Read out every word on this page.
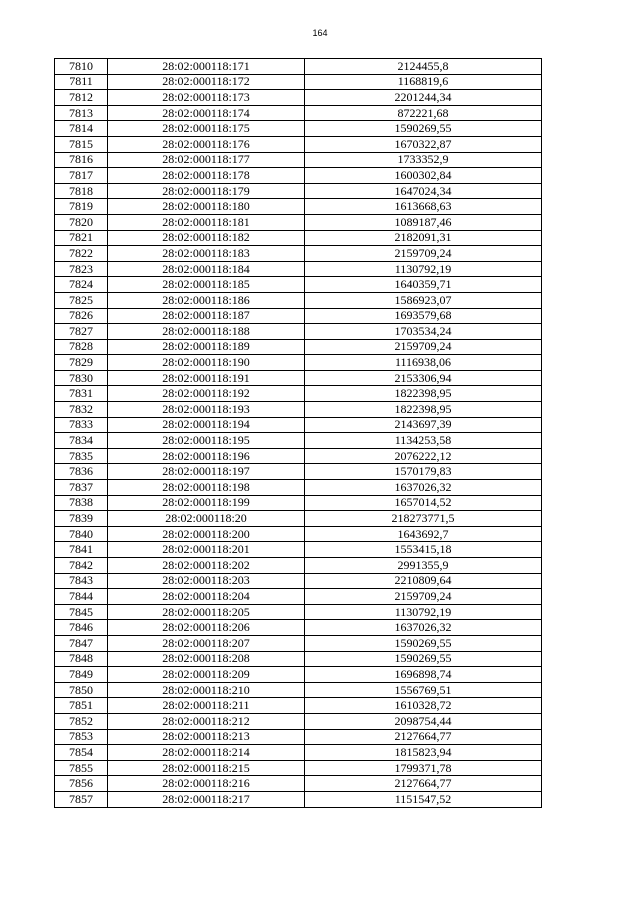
164
7810	28:02:000118:171	2124455,8
7811	28:02:000118:172	1168819,6
7812	28:02:000118:173	2201244,34
7813	28:02:000118:174	872221,68
7814	28:02:000118:175	1590269,55
7815	28:02:000118:176	1670322,87
7816	28:02:000118:177	1733352,9
7817	28:02:000118:178	1600302,84
7818	28:02:000118:179	1647024,34
7819	28:02:000118:180	1613668,63
7820	28:02:000118:181	1089187,46
7821	28:02:000118:182	2182091,31
7822	28:02:000118:183	2159709,24
7823	28:02:000118:184	1130792,19
7824	28:02:000118:185	1640359,71
7825	28:02:000118:186	1586923,07
7826	28:02:000118:187	1693579,68
7827	28:02:000118:188	1703534,24
7828	28:02:000118:189	2159709,24
7829	28:02:000118:190	1116938,06
7830	28:02:000118:191	2153306,94
7831	28:02:000118:192	1822398,95
7832	28:02:000118:193	1822398,95
7833	28:02:000118:194	2143697,39
7834	28:02:000118:195	1134253,58
7835	28:02:000118:196	2076222,12
7836	28:02:000118:197	1570179,83
7837	28:02:000118:198	1637026,32
7838	28:02:000118:199	1657014,52
7839	28:02:000118:20	218273771,5
7840	28:02:000118:200	1643692,7
7841	28:02:000118:201	1553415,18
7842	28:02:000118:202	2991355,9
7843	28:02:000118:203	2210809,64
7844	28:02:000118:204	2159709,24
7845	28:02:000118:205	1130792,19
7846	28:02:000118:206	1637026,32
7847	28:02:000118:207	1590269,55
7848	28:02:000118:208	1590269,55
7849	28:02:000118:209	1696898,74
7850	28:02:000118:210	1556769,51
7851	28:02:000118:211	1610328,72
7852	28:02:000118:212	2098754,44
7853	28:02:000118:213	2127664,77
7854	28:02:000118:214	1815823,94
7855	28:02:000118:215	1799371,78
7856	28:02:000118:216	2127664,77
7857	28:02:000118:217	1151547,52
